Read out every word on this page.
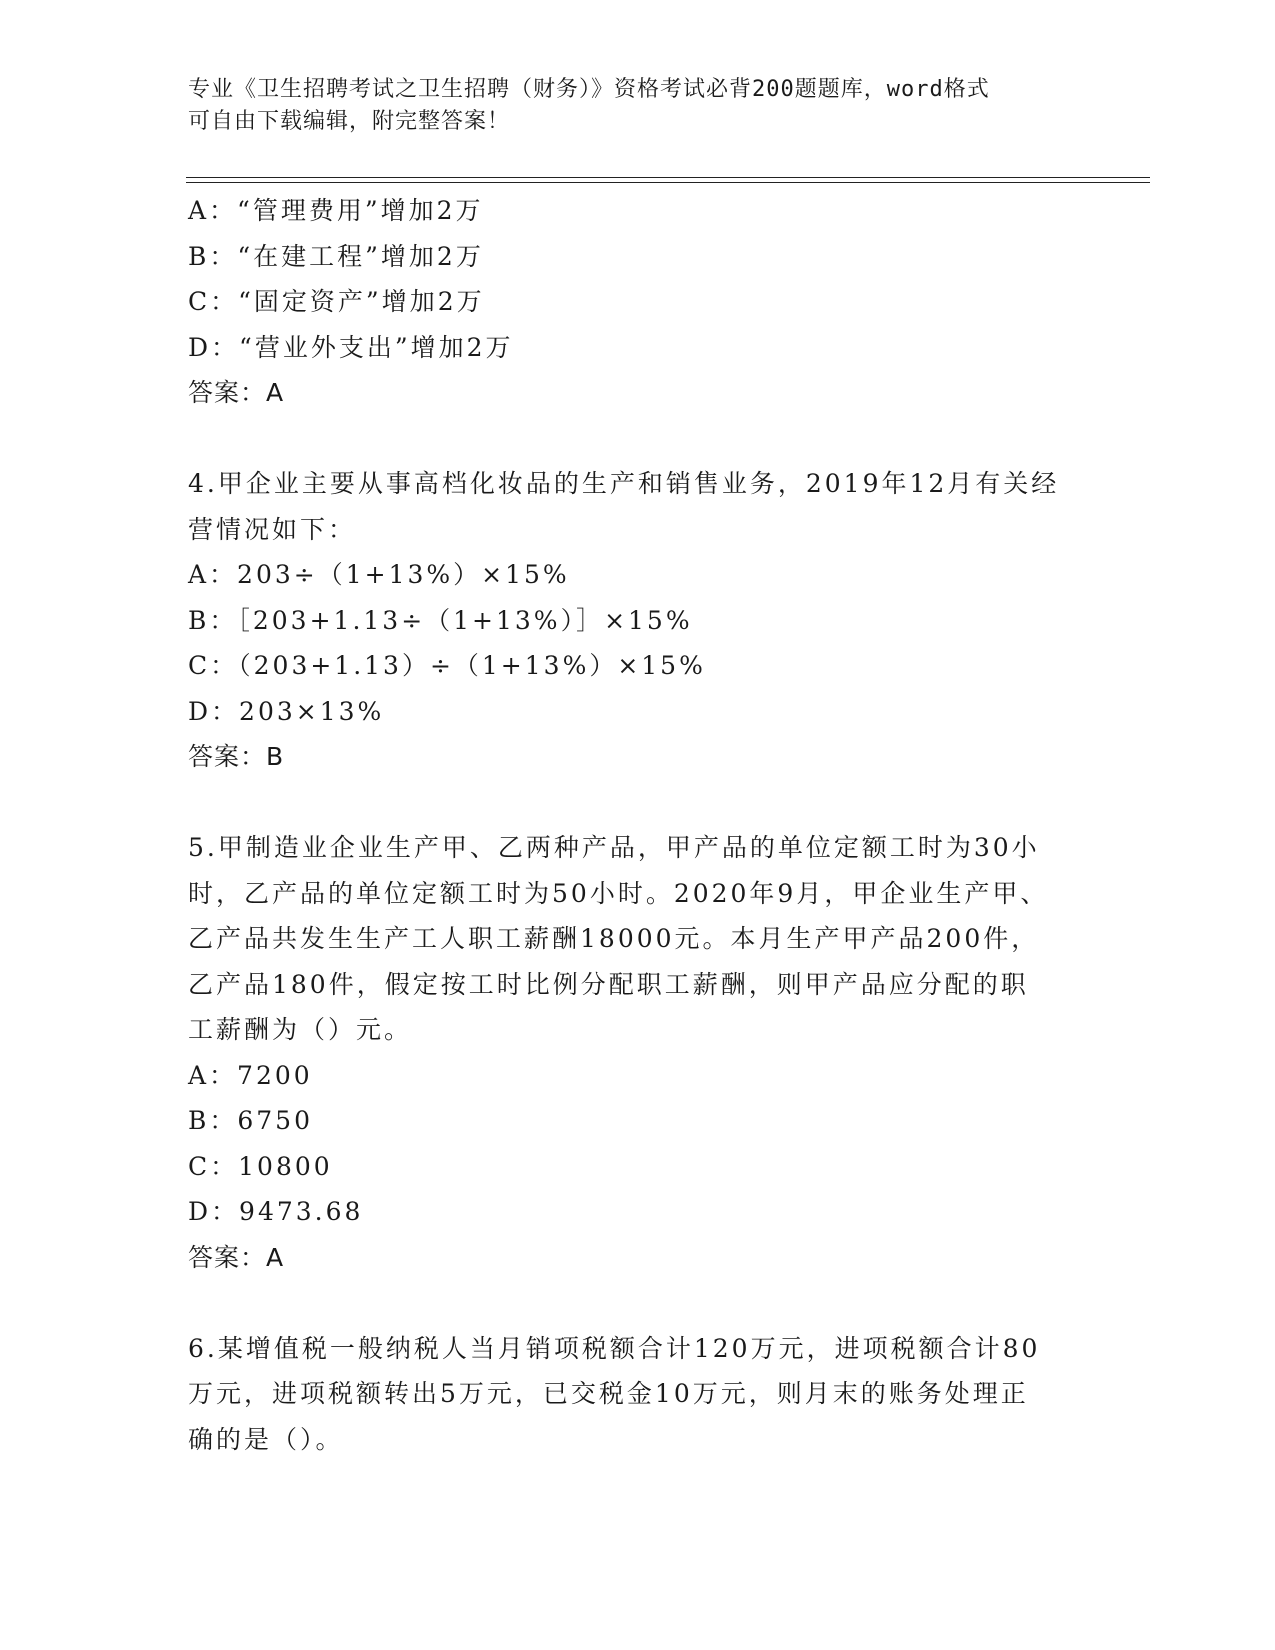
专业《卫生招聘考试之卫生招聘（财务）》资格考试必背200题题库，word格式
可自由下载编辑，附完整答案！
A：“管理费用”增加2万
B：“在建工程”增加2万
C：“固定资产”增加2万
D：“营业外支出”增加2万
答案：A
4.甲企业主要从事高档化妆品的生产和销售业务，2019年12月有关经
营情况如下：
A：203÷（1+13%）×15%
B：［203+1.13÷（1+13%）］×15%
C：（203+1.13）÷（1+13%）×15%
D：203×13%
答案：B
5.甲制造业企业生产甲、乙两种产品，甲产品的单位定额工时为30小
时，乙产品的单位定额工时为50小时。2020年9月，甲企业生产甲、
乙产品共发生生产工人职工薪酬18000元。本月生产甲产品200件，
乙产品180件，假定按工时比例分配职工薪酬，则甲产品应分配的职
工薪酬为（）元。
A：7200
B：6750
C：10800
D：9473.68
答案：A
6.某增值税一般纳税人当月销项税额合计120万元，进项税额合计80
万元，进项税额转出5万元，已交税金10万元，则月末的账务处理正
确的是（）。
